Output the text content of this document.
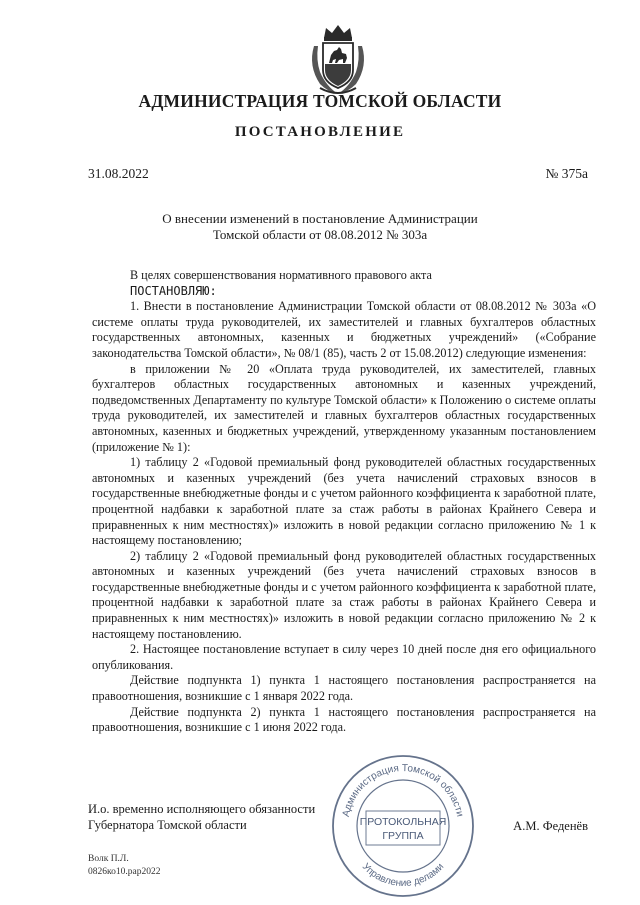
АДМИНИСТРАЦИЯ ТОМСКОЙ ОБЛАСТИ
ПОСТАНОВЛЕНИЕ
31.08.2022	№ 375а
О внесении изменений в постановление Администрации
Томской области от 08.08.2012 № 303а

В целях совершенствования нормативного правового акта

ПОСТАНОВЛЯЮ:

1. Внести в постановление Администрации Томской области от 08.08.2012 № 303а «О системе оплаты труда руководителей, их заместителей и главных бухгалтеров областных государственных автономных, казенных и бюджетных учреждений» («Собрание законодательства Томской области», № 08/1 (85), часть 2 от 15.08.2012) следующие изменения:

в приложении № 20 «Оплата труда руководителей, их заместителей, главных бухгалтеров областных государственных автономных и казенных учреждений, подведомственных Департаменту по культуре Томской области» к Положению о системе оплаты труда руководителей, их заместителей и главных бухгалтеров областных государственных автономных, казенных и бюджетных учреждений, утвержденному указанным постановлением (приложение № 1):

1) таблицу 2 «Годовой премиальный фонд руководителей областных государственных автономных и казенных учреждений (без учета начислений страховых взносов в государственные внебюджетные фонды и с учетом районного коэффициента к заработной плате, процентной надбавки к заработной плате за стаж работы в районах Крайнего Севера и приравненных к ним местностях)» изложить в новой редакции согласно приложению № 1 к настоящему постановлению;

2) таблицу 2 «Годовой премиальный фонд руководителей областных государственных автономных и казенных учреждений (без учета начислений страховых взносов в государственные внебюджетные фонды и с учетом районного коэффициента к заработной плате, процентной надбавки к заработной плате за стаж работы в районах Крайнего Севера и приравненных к ним местностях)» изложить в новой редакции согласно приложению № 2 к настоящему постановлению.

2. Настоящее постановление вступает в силу через 10 дней после дня его официального опубликования.

Действие подпункта 1) пункта 1 настоящего постановления распространяется на правоотношения, возникшие с 1 января 2022 года.

Действие подпункта 2) пункта 1 настоящего постановления распространяется на правоотношения, возникшие с 1 июня 2022 года.

И.о. временно исполняющего обязанности
Губернатора Томской области
Администрация Томской области
Управление делами
ПРОТОКОЛЬНАЯ
ГРУППА
А.М. Феденёв
Волк П.Л.
0826ко10.рар2022
